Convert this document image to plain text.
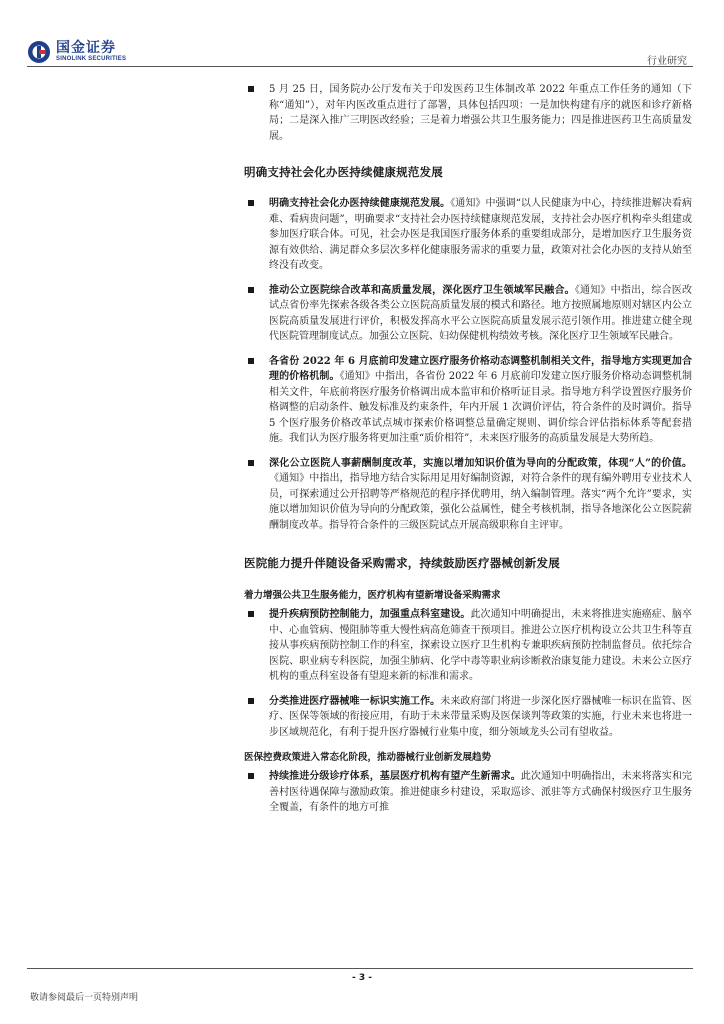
国金证券
SINOLINK SECURITIES	行业研究
5 月 25 日，国务院办公厅发布关于印发医药卫生体制改革 2022 年重点工作任务的通知（下称“通知”），对年内医改重点进行了部署，具体包括四项：一是加快构建有序的就医和诊疗新格局；二是深入推广三明医改经验；三是着力增强公共卫生服务能力；四是推进医药卫生高质量发展。
明确支持社会化办医持续健康规范发展
明确支持社会化办医持续健康规范发展。《通知》中强调“以人民健康为中心，持续推进解决看病难、看病贵问题”，明确要求“支持社会办医持续健康规范发展，支持社会办医疗机构牵头组建或参加医疗联合体。可见，社会办医是我国医疗服务体系的重要组成部分，是增加医疗卫生服务资源有效供给、满足群众多层次多样化健康服务需求的重要力量，政策对社会化办医的支持从始至终没有改变。
推动公立医院综合改革和高质量发展，深化医疗卫生领域军民融合。《通知》中指出，综合医改试点省份率先探索各级各类公立医院高质量发展的模式和路径。地方按照属地原则对辖区内公立医院高质量发展进行评价，积极发挥高水平公立医院高质量发展示范引领作用。推进建立健全现代医院管理制度试点。加强公立医院、妇幼保健机构绩效考核。深化医疗卫生领域军民融合。
各省份 2022 年 6 月底前印发建立医疗服务价格动态调整机制相关文件，指导地方实现更加合理的价格机制。《通知》中指出，各省份 2022 年 6 月底前印发建立医疗服务价格动态调整机制相关文件，年底前将医疗服务价格调出成本监审和价格听证目录。指导地方科学设置医疗服务价格调整的启动条件、触发标准及约束条件，年内开展 1 次调价评估，符合条件的及时调价。指导 5 个医疗服务价格改革试点城市探索价格调整总量确定规则、调价综合评估指标体系等配套措施。我们认为医疗服务将更加注重“质价相符”，未来医疗服务的高质量发展是大势所趋。
深化公立医院人事薪酬制度改革，实施以增加知识价值为导向的分配政策，体现“人”的价值。《通知》中指出，指导地方结合实际用足用好编制资源，对符合条件的现有编外聘用专业技术人员，可探索通过公开招聘等严格规范的程序择优聘用，纳入编制管理。落实“两个允许”要求，实施以增加知识价值为导向的分配政策，强化公益属性，健全考核机制，指导各地深化公立医院薪酬制度改革。指导符合条件的三级医院试点开展高级职称自主评审。
医院能力提升伴随设备采购需求，持续鼓励医疗器械创新发展
着力增强公共卫生服务能力，医疗机构有望新增设备采购需求
提升疾病预防控制能力，加强重点科室建设。此次通知中明确提出，未来将推进实施癌症、脑卒中、心血管病、慢阻肺等重大慢性病高危筛查干预项目。推进公立医疗机构设立公共卫生科等直接从事疾病预防控制工作的科室，探索设立医疗卫生机构专兼职疾病预防控制监督员。依托综合医院、职业病专科医院，加强尘肺病、化学中毒等职业病诊断救治康复能力建设。未来公立医疗机构的重点科室设备有望迎来新的标准和需求。
分类推进医疗器械唯一标识实施工作。未来政府部门将进一步深化医疗器械唯一标识在监管、医疗、医保等领域的衔接应用，有助于未来带量采购及医保谈判等政策的实施，行业未来也将进一步区域规范化，有利于提升医疗器械行业集中度，细分领域龙头公司有望收益。
医保控费政策进入常态化阶段，推动器械行业创新发展趋势
持续推进分级诊疗体系，基层医疗机构有望产生新需求。此次通知中明确指出，未来将落实和完善村医待遇保障与激励政策。推进健康乡村建设，采取巡诊、派驻等方式确保村级医疗卫生服务全覆盖，有条件的地方可推
- 3 -
敬请参阅最后一页特别声明
